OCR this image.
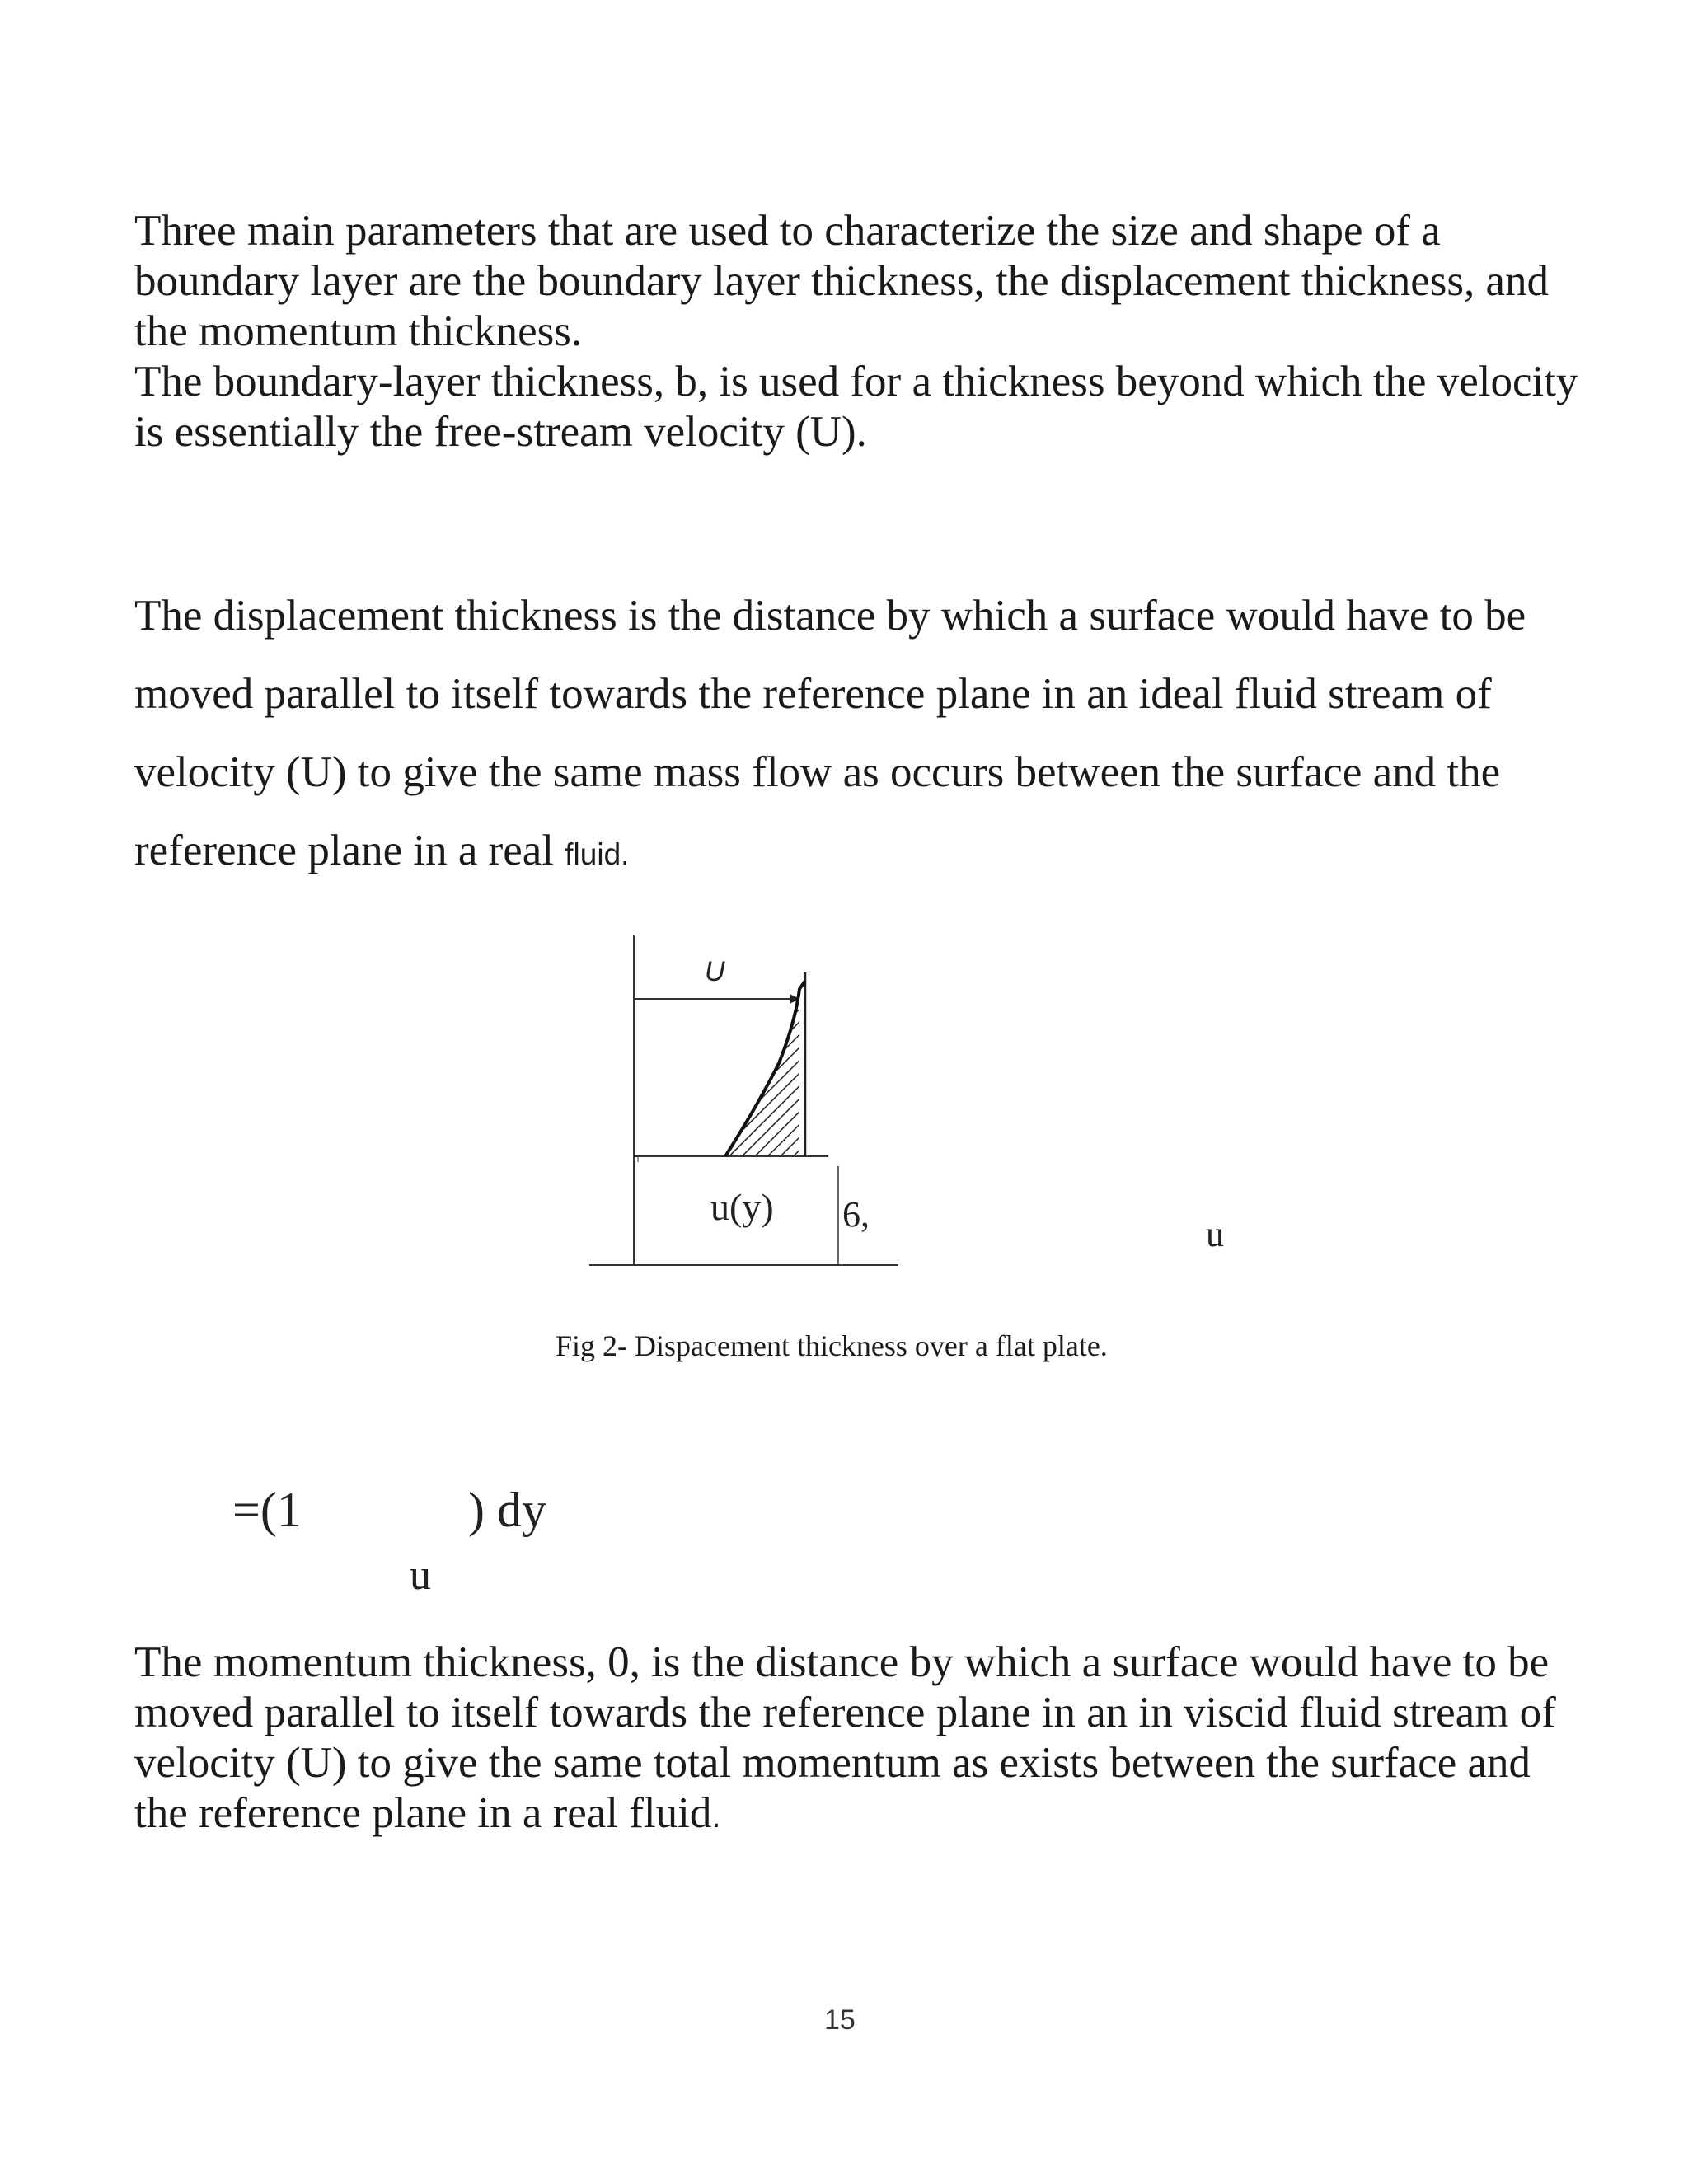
Three main parameters that are used to characterize the size and shape of a boundary layer are the boundary layer thickness, the displacement thickness, and the momentum thickness.
The boundary-layer thickness, b, is used for a thickness beyond which the velocity is essentially the free-stream velocity (U).

The displacement thickness is the distance by which a surface would have to be moved parallel to itself towards the reference plane in an ideal fluid stream of velocity (U) to give the same mass flow as occurs between the surface and the reference plane in a real fluid.

U
u(y) 6,	u
Fig 2- Dispacement thickness over a flat plate.
=(1	) dy
u

The momentum thickness, 0, is the distance by which a surface would have to be moved parallel to itself towards the reference plane in an in viscid fluid stream of velocity (U) to give the same total momentum as exists between the surface and the reference plane in a real fluid.

15
